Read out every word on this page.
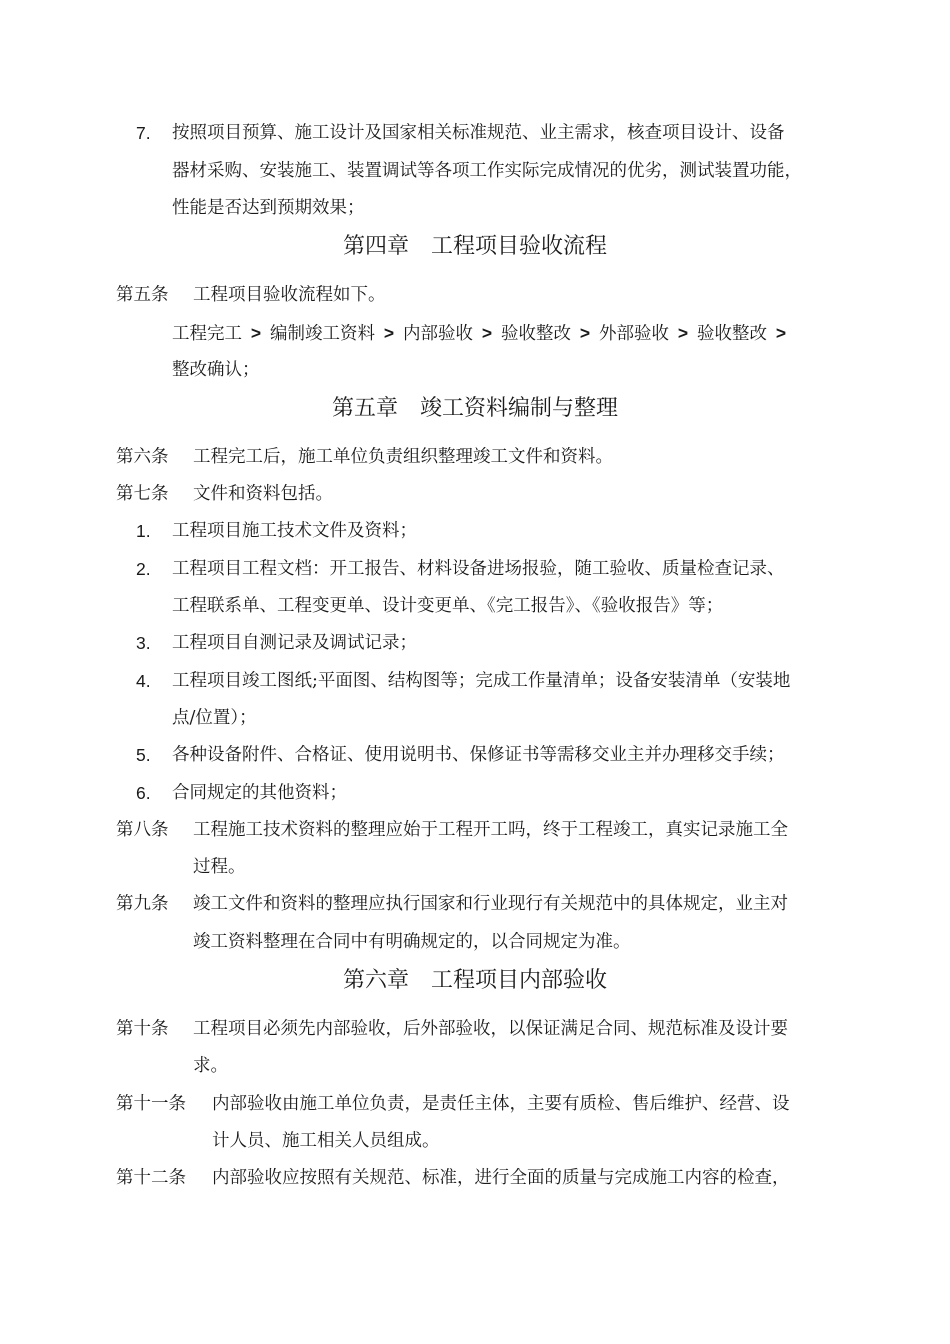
7. 按照项目预算、施工设计及国家相关标准规范、业主需求，核查项目设计、设备
器材采购、安装施工、装置调试等各项工作实际完成情况的优劣，测试装置功能，
性能是否达到预期效果；
第四章　工程项目验收流程
第五条 工程项目验收流程如下。
工程完工 > 编制竣工资料 > 内部验收 > 验收整改 > 外部验收 > 验收整改 >
整改确认；
第五章　竣工资料编制与整理
第六条 工程完工后，施工单位负责组织整理竣工文件和资料。
第七条 文件和资料包括。
1. 工程项目施工技术文件及资料；
2. 工程项目工程文档：开工报告、材料设备进场报验，随工验收、质量检查记录、
工程联系单、工程变更单、设计变更单、《完工报告》、《验收报告》等；
3. 工程项目自测记录及调试记录；
4. 工程项目竣工图纸;平面图、结构图等；完成工作量清单；设备安装清单（安装地
点/位置）；
5. 各种设备附件、合格证、使用说明书、保修证书等需移交业主并办理移交手续；
6. 合同规定的其他资料；
第八条 工程施工技术资料的整理应始于工程开工吗，终于工程竣工，真实记录施工全
过程。
第九条 竣工文件和资料的整理应执行国家和行业现行有关规范中的具体规定，业主对
竣工资料整理在合同中有明确规定的，以合同规定为准。
第六章　工程项目内部验收
第十条 工程项目必须先内部验收，后外部验收，以保证满足合同、规范标准及设计要
求。
第十一条 内部验收由施工单位负责，是责任主体，主要有质检、售后维护、经营、设
计人员、施工相关人员组成。
第十二条 内部验收应按照有关规范、标准，进行全面的质量与完成施工内容的检查，
